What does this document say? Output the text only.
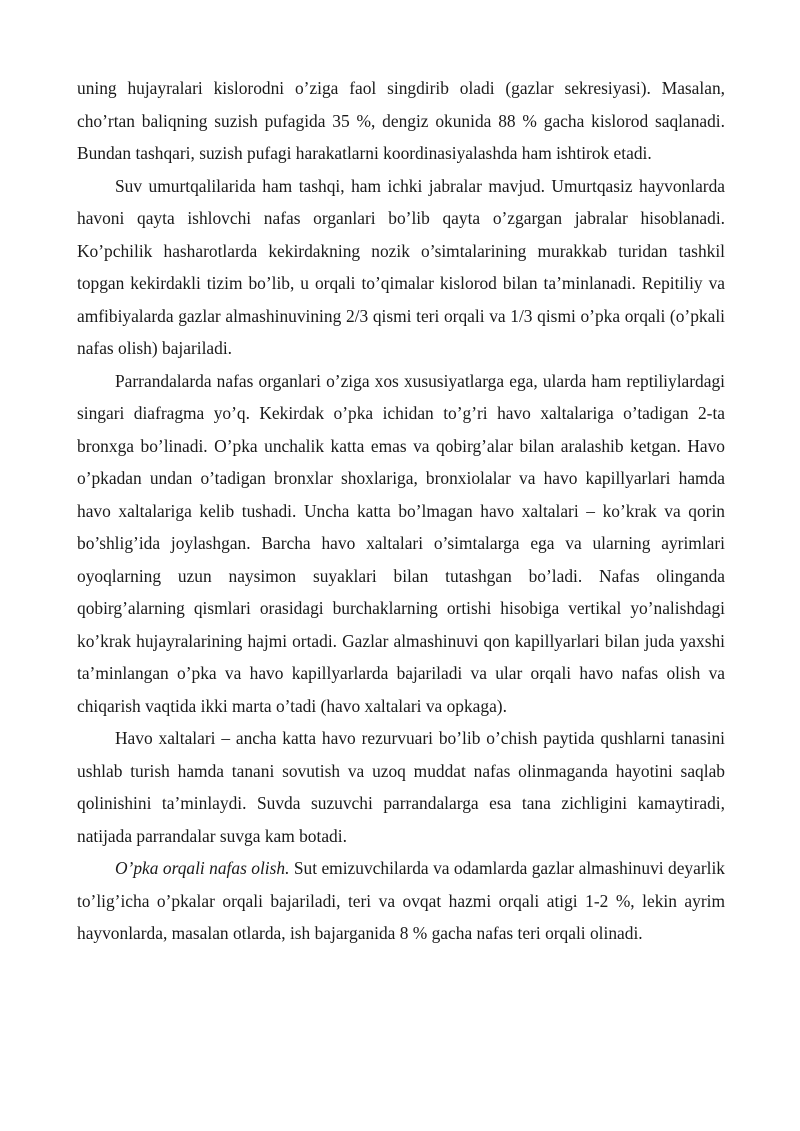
uning hujayralari kislorodni o’ziga faol singdirib oladi (gazlar sekresiyasi). Masalan, cho’rtan baliqning suzish pufagida 35 %, dengiz okunida 88 % gacha kislorod saqlanadi. Bundan tashqari, suzish pufagi harakatlarni koordinasiyalashda ham ishtirok etadi.

Suv umurtqalilarida ham tashqi, ham ichki jabralar mavjud. Umurtqasiz hayvonlarda havoni qayta ishlovchi nafas organlari bo’lib qayta o’zgargan jabralar hisoblanadi. Ko’pchilik hasharotlarda kekirdakning nozik o’simtalarining murakkab turidan tashkil topgan kekirdakli tizim bo’lib, u orqali to’qimalar kislorod bilan ta’minlanadi. Repitiliy va amfibiyalarda gazlar almashinuvining 2/3 qismi teri orqali va 1/3 qismi o’pka orqali (o’pkali nafas olish) bajariladi.

Parrandalarda nafas organlari o’ziga xos xususiyatlarga ega, ularda ham reptiliylardagi singari diafragma yo’q. Kekirdak o’pka ichidan to’g’ri havo xaltalariga o’tadigan 2-ta bronxga bo’linadi. O’pka unchalik katta emas va qobirg’alar bilan aralashib ketgan. Havo o’pkadan undan o’tadigan bronxlar shoxlariga, bronxiolalar va havo kapillyarlari hamda havo xaltalariga kelib tushadi. Uncha katta bo’lmagan havo xaltalari – ko’krak va qorin bo’shlig’ida joylashgan. Barcha havo xaltalari o’simtalarga ega va ularning ayrimlari oyoqlarning uzun naysimon suyaklari bilan tutashgan bo’ladi. Nafas olinganda qobirg’alarning qismlari orasidagi burchaklarning ortishi hisobiga vertikal yo’nalishdagi ko’krak hujayralarining hajmi ortadi. Gazlar almashinuvi qon kapillyarlari bilan juda yaxshi ta’minlangan o’pka va havo kapillyarlarda bajariladi va ular orqali havo nafas olish va chiqarish vaqtida ikki marta o’tadi (havo xaltalari va opkaga).

Havo xaltalari – ancha katta havo rezurvuari bo’lib o’chish paytida qushlarni tanasini ushlab turish hamda tanani sovutish va uzoq muddat nafas olinmaganda hayotini saqlab qolinishini ta’minlaydi. Suvda suzuvchi parrandalarga esa tana zichligini kamaytiradi, natijada parrandalar suvga kam botadi.

O’pka orqali nafas olish. Sut emizuvchilarda va odamlarda gazlar almashinuvi deyarlik to’lig’icha o’pkalar orqali bajariladi, teri va ovqat hazmi orqali atigi 1-2 %, lekin ayrim hayvonlarda, masalan otlarda, ish bajarganida 8 % gacha nafas teri orqali olinadi.
